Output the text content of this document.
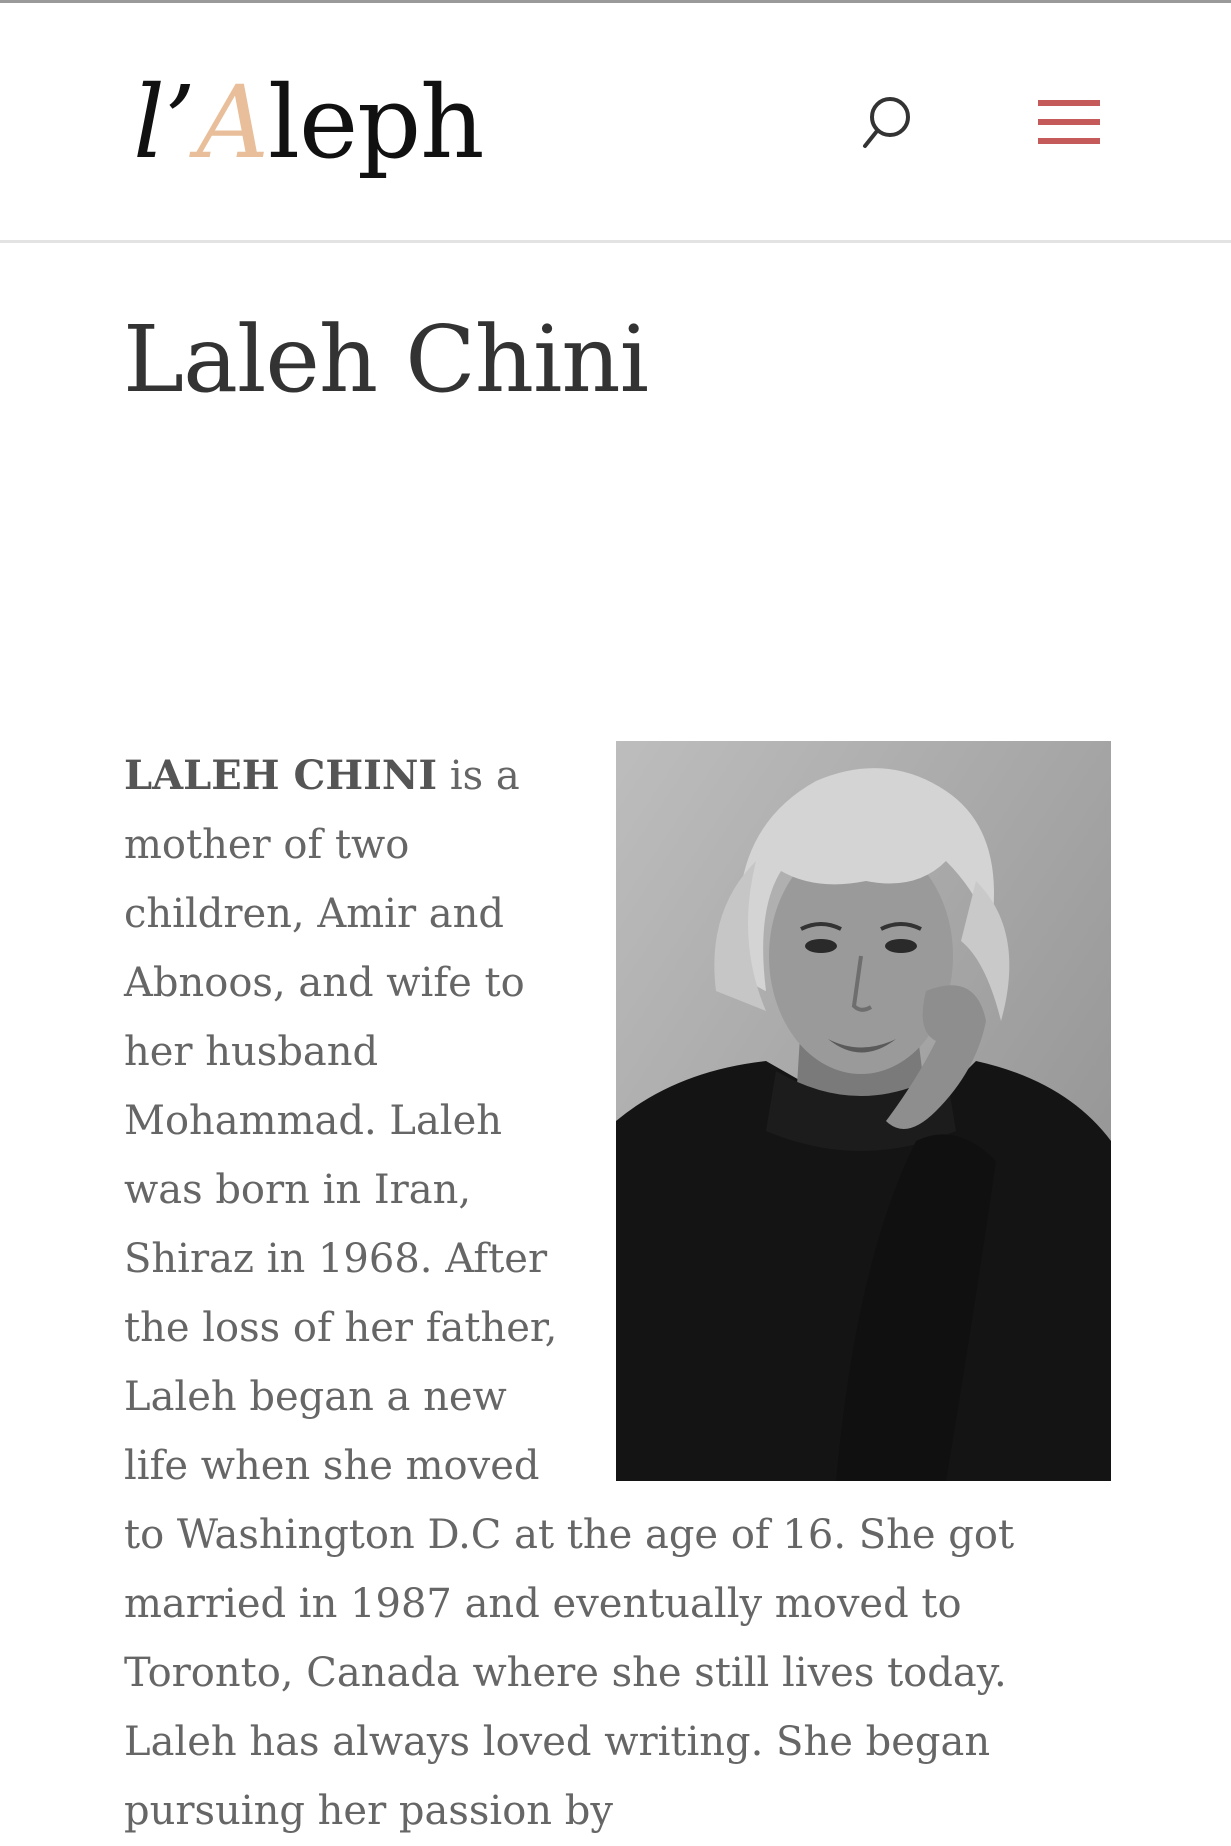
l’Aleph
Laleh Chini

LALEH CHINI is a mother of two children, Amir and Abnoos, and wife to her husband Mohammad. Laleh was born in Iran, Shiraz in 1968. After the loss of her father, Laleh began a new life when she moved to Washington D.C at the age of 16. She got married in 1987 and eventually moved to Toronto, Canada where she still lives today. Laleh has always loved writing. She began pursuing her passion by
